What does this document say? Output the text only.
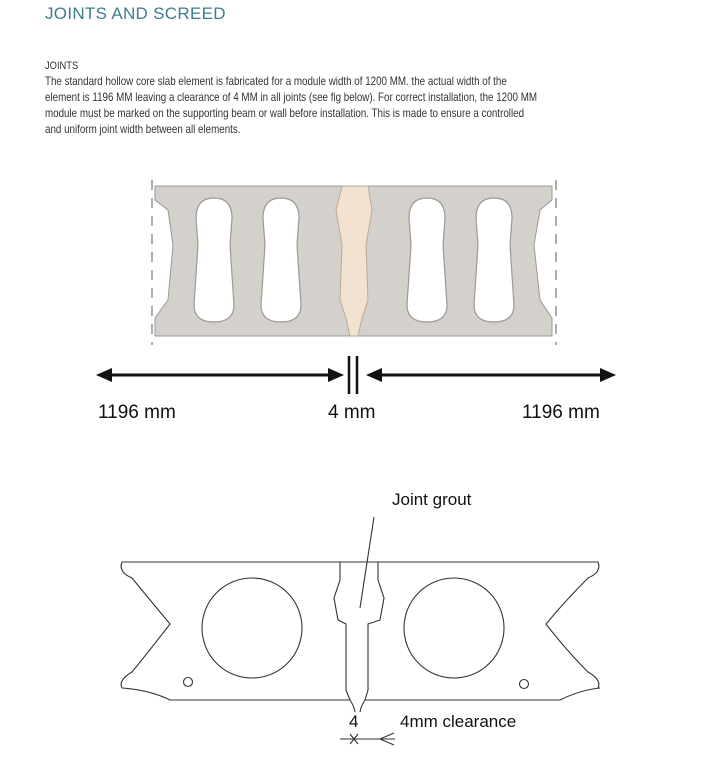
JOINTS AND SCREED
JOINTS
The standard hollow core slab element is fabricated for a module width of 1200 MM. the actual width of the
element is 1196 MM leaving a clearance of 4 MM in all joints (see fig below). For correct installation, the 1200 MM
module must be marked on the supporting beam or wall before installation. This is made to ensure a controlled
and uniform joint width between all elements.
1196 mm	4 mm	1196 mm
Joint grout
4 4mm clearance
